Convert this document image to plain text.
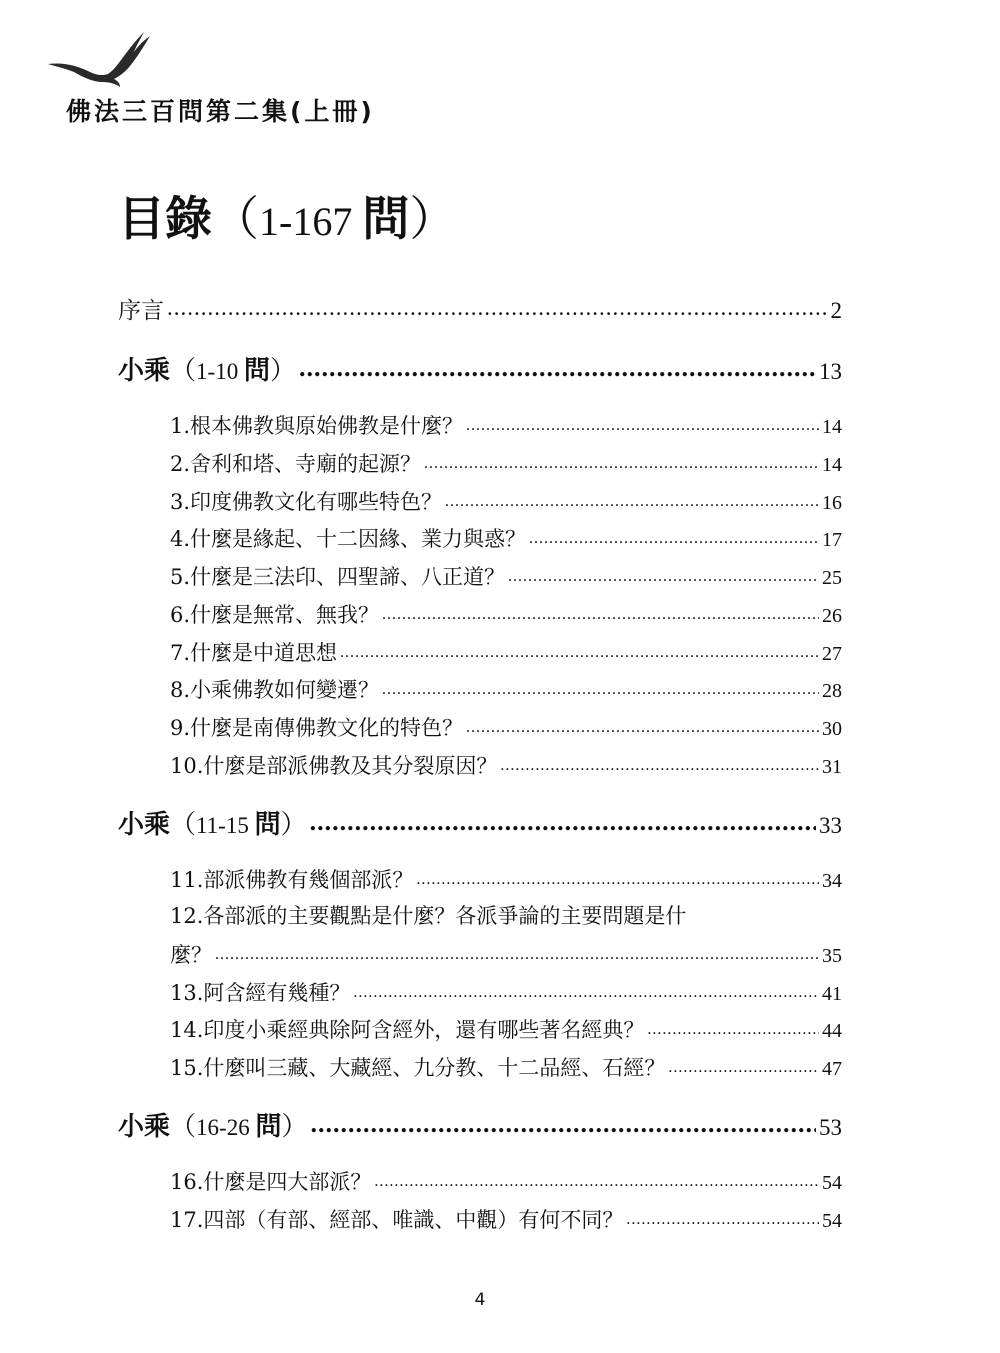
佛法三百問第二集(上冊)
目錄（1-167 問）
序言 .....	2
小乘（1-10 問） .....	13
1.根本佛教與原始佛教是什麼？ .....	14
2.舍利和塔、寺廟的起源？ .....	14
3.印度佛教文化有哪些特色？ .....	16
4.什麼是緣起、十二因緣、業力與惑？ .....	17
5.什麼是三法印、四聖諦、八正道？ .....	25
6.什麼是無常、無我？ .....	26
7.什麼是中道思想 .....	27
8.小乘佛教如何變遷？ .....	28
9.什麼是南傳佛教文化的特色？ .....	30
10.什麼是部派佛教及其分裂原因？ .....	31
小乘（11-15 問） .....	33
11.部派佛教有幾個部派？ .....	34
12.各部派的主要觀點是什麼？各派爭論的主要問題是什
麼？ .....	35
13.阿含經有幾種？ .....	41
14.印度小乘經典除阿含經外，還有哪些著名經典？ .....	44
15.什麼叫三藏、大藏經、九分教、十二品經、石經？ .....	47
小乘（16-26 問） .....	53
16.什麼是四大部派？ .....	54
17.四部（有部、經部、唯識、中觀）有何不同？ .....	54
4
